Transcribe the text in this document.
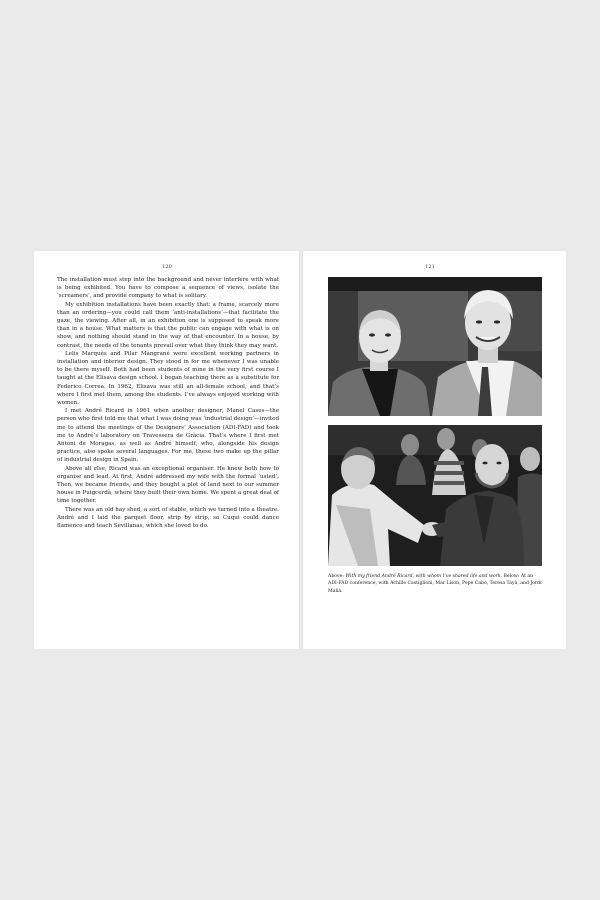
120

The installation must step into the background and never interfere with what is being exhibited. You have to compose a sequence of views, isolate the ‘screamers’, and provide company to what is solitary.

My exhibition installations have been exactly that: a frame, scarcely more than an ordering—you could call them ‘anti-installations’—that facilitate the gaze, the viewing. After all, in an exhibition one is supposed to speak more than in a house. What matters is that the public can engage with what is on show, and nothing should stand in the way of that encounter. In a house, by contrast, the needs of the tenants prevail over what they think they may want.

Lelis Marquès and Pilar Mangrané were excellent working partners in installation and interior design. They stood in for me whenever I was unable to be there myself. Both had been students of mine in the very first course I taught at the Elisava design school. I began teaching there as a substitute for Federico Correa. In 1962, Elisava was still an all-female school, and that’s where I first met them, among the students. I’ve always enjoyed working with women.

I met André Ricard in 1961 when another designer, Manel Cases—the person who first told me that what I was doing was ‘industrial design’—invited me to attend the meetings of the Designers’ Association (ADI-FAD) and took me to André’s laboratory on Travessera de Gràcia. That’s where I first met Antoni de Moragas, as well as André himself, who, alongside his design practice, also spoke several languages. For me, these two make up the pillar of industrial design in Spain.

Above all else, Ricard was an exceptional organiser. He knew both how to organise and lead. At first, André addressed my wife with the formal ‘usted’. Then, we became friends, and they bought a plot of land next to our summer house in Puigcerdà, where they built their own home. We spent a great deal of time together.

There was an old hay shed, a sort of stable, which we turned into a theatre. André and I laid the parquet floor, strip by strip, so Cuqui could dance flamenco and teach Sevillanas, which she loved to do.

121
Above: With my friend André Ricard, with whom I’ve shared life and work. Below: At an ADI-FAD conference, with Achille Castiglioni, Mar Lisón, Pepe Cabo, Teresa Tayà, and Jordi Mañà.
